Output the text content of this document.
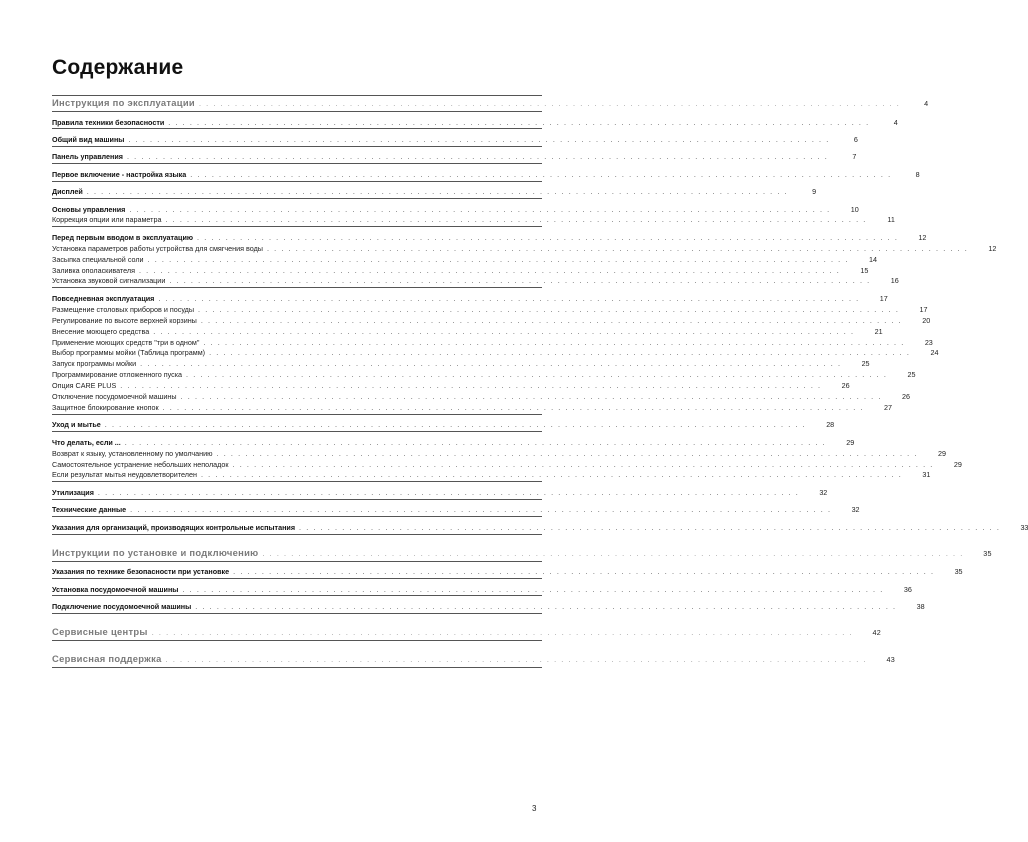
Содержание
Инструкция по эксплуатации . . . . . . . . . . . . . . . . . . . . . . . . . . . . . . . . . . . . . . . . . . . . . . . . . . . . . . . . . . . . . . . . . . . . . . . . . . . . . . . . . . . . . . . . . . . . . . . . . .	4
Правила техники безопасности . . . . . . . . . . . . . . . . . . . . . . . . . . . . . . . . . . . . . . . . . . . . . . . . . . . . . . . . . . . . . . . . . . . . . . . . . . . . . . . . . . . . . . . . . . . . . . . . . .	4
Общий вид машины . . . . . . . . . . . . . . . . . . . . . . . . . . . . . . . . . . . . . . . . . . . . . . . . . . . . . . . . . . . . . . . . . . . . . . . . . . . . . . . . . . . . . . . . . . . . . . . . . .	6
Панель управления . . . . . . . . . . . . . . . . . . . . . . . . . . . . . . . . . . . . . . . . . . . . . . . . . . . . . . . . . . . . . . . . . . . . . . . . . . . . . . . . . . . . . . . . . . . . . . . . . .	7
Первое включение - настройка языка . . . . . . . . . . . . . . . . . . . . . . . . . . . . . . . . . . . . . . . . . . . . . . . . . . . . . . . . . . . . . . . . . . . . . . . . . . . . . . . . . . . . . . . . . . . . . . . . . .	8
Дисплей . . . . . . . . . . . . . . . . . . . . . . . . . . . . . . . . . . . . . . . . . . . . . . . . . . . . . . . . . . . . . . . . . . . . . . . . . . . . . . . . . . . . . . . . . . . . . . . . . .	9
Основы управления . . . . . . . . . . . . . . . . . . . . . . . . . . . . . . . . . . . . . . . . . . . . . . . . . . . . . . . . . . . . . . . . . . . . . . . . . . . . . . . . . . . . . . . . . . . . . . . . . .	10
Коррекция опции или параметра . . . . . . . . . . . . . . . . . . . . . . . . . . . . . . . . . . . . . . . . . . . . . . . . . . . . . . . . . . . . . . . . . . . . . . . . . . . . . . . . . . . . . . . . . . . . . . . . . .	11
Перед первым вводом в эксплуатацию . . . . . . . . . . . . . . . . . . . . . . . . . . . . . . . . . . . . . . . . . . . . . . . . . . . . . . . . . . . . . . . . . . . . . . . . . . . . . . . . . . . . . . . . . . . . . . . . . .	12
Установка параметров работы устройства для смягчения воды . . . . . . . . . . . . . . . . . . . . . . . . . . . . . . . . . . . . . . . . . . . . . . . . . . . . . . . . . . . . . . . . . . . . . . . . . . . . . . . . . . . . . . . . . . . . . . . . . .	12
Засыпка специальной соли . . . . . . . . . . . . . . . . . . . . . . . . . . . . . . . . . . . . . . . . . . . . . . . . . . . . . . . . . . . . . . . . . . . . . . . . . . . . . . . . . . . . . . . . . . . . . . . . . .	14
Заливка ополаскивателя . . . . . . . . . . . . . . . . . . . . . . . . . . . . . . . . . . . . . . . . . . . . . . . . . . . . . . . . . . . . . . . . . . . . . . . . . . . . . . . . . . . . . . . . . . . . . . . . . .	15
Установка звуковой сигнализации . . . . . . . . . . . . . . . . . . . . . . . . . . . . . . . . . . . . . . . . . . . . . . . . . . . . . . . . . . . . . . . . . . . . . . . . . . . . . . . . . . . . . . . . . . . . . . . . . .	16
Повседневная эксплуатация . . . . . . . . . . . . . . . . . . . . . . . . . . . . . . . . . . . . . . . . . . . . . . . . . . . . . . . . . . . . . . . . . . . . . . . . . . . . . . . . . . . . . . . . . . . . . . . . . .	17
Размещение столовых приборов и посуды . . . . . . . . . . . . . . . . . . . . . . . . . . . . . . . . . . . . . . . . . . . . . . . . . . . . . . . . . . . . . . . . . . . . . . . . . . . . . . . . . . . . . . . . . . . . . . . . . .	17
Регулирование по высоте верхней корзины . . . . . . . . . . . . . . . . . . . . . . . . . . . . . . . . . . . . . . . . . . . . . . . . . . . . . . . . . . . . . . . . . . . . . . . . . . . . . . . . . . . . . . . . . . . . . . . . . .	20
Внесение моющего средства . . . . . . . . . . . . . . . . . . . . . . . . . . . . . . . . . . . . . . . . . . . . . . . . . . . . . . . . . . . . . . . . . . . . . . . . . . . . . . . . . . . . . . . . . . . . . . . . . .	21
Применение моющих средств "три в одном" . . . . . . . . . . . . . . . . . . . . . . . . . . . . . . . . . . . . . . . . . . . . . . . . . . . . . . . . . . . . . . . . . . . . . . . . . . . . . . . . . . . . . . . . . . . . . . . . . .	23
Выбор программы мойки (Таблица программ) . . . . . . . . . . . . . . . . . . . . . . . . . . . . . . . . . . . . . . . . . . . . . . . . . . . . . . . . . . . . . . . . . . . . . . . . . . . . . . . . . . . . . . . . . . . . . . . . . .	24
Запуск программы мойки . . . . . . . . . . . . . . . . . . . . . . . . . . . . . . . . . . . . . . . . . . . . . . . . . . . . . . . . . . . . . . . . . . . . . . . . . . . . . . . . . . . . . . . . . . . . . . . . . .	25
Программирование отложенного пуска . . . . . . . . . . . . . . . . . . . . . . . . . . . . . . . . . . . . . . . . . . . . . . . . . . . . . . . . . . . . . . . . . . . . . . . . . . . . . . . . . . . . . . . . . . . . . . . . . .	25
Опция CARE PLUS . . . . . . . . . . . . . . . . . . . . . . . . . . . . . . . . . . . . . . . . . . . . . . . . . . . . . . . . . . . . . . . . . . . . . . . . . . . . . . . . . . . . . . . . . . . . . . . . . .	26
Отключение посудомоечной машины . . . . . . . . . . . . . . . . . . . . . . . . . . . . . . . . . . . . . . . . . . . . . . . . . . . . . . . . . . . . . . . . . . . . . . . . . . . . . . . . . . . . . . . . . . . . . . . . . .	26
Защитное блокирование кнопок . . . . . . . . . . . . . . . . . . . . . . . . . . . . . . . . . . . . . . . . . . . . . . . . . . . . . . . . . . . . . . . . . . . . . . . . . . . . . . . . . . . . . . . . . . . . . . . . . .	27
Уход и мытье . . . . . . . . . . . . . . . . . . . . . . . . . . . . . . . . . . . . . . . . . . . . . . . . . . . . . . . . . . . . . . . . . . . . . . . . . . . . . . . . . . . . . . . . . . . . . . . . . .	28
Что делать, если ... . . . . . . . . . . . . . . . . . . . . . . . . . . . . . . . . . . . . . . . . . . . . . . . . . . . . . . . . . . . . . . . . . . . . . . . . . . . . . . . . . . . . . . . . . . . . . . . . . .	29
Возврат к языку, установленному по умолчанию . . . . . . . . . . . . . . . . . . . . . . . . . . . . . . . . . . . . . . . . . . . . . . . . . . . . . . . . . . . . . . . . . . . . . . . . . . . . . . . . . . . . . . . . . . . . . . . . . .	29
Самостоятельное устранение небольших неполадок . . . . . . . . . . . . . . . . . . . . . . . . . . . . . . . . . . . . . . . . . . . . . . . . . . . . . . . . . . . . . . . . . . . . . . . . . . . . . . . . . . . . . . . . . . . . . . . . . .	29
Если результат мытья неудовлетворителен . . . . . . . . . . . . . . . . . . . . . . . . . . . . . . . . . . . . . . . . . . . . . . . . . . . . . . . . . . . . . . . . . . . . . . . . . . . . . . . . . . . . . . . . . . . . . . . . . .	31
Утилизация . . . . . . . . . . . . . . . . . . . . . . . . . . . . . . . . . . . . . . . . . . . . . . . . . . . . . . . . . . . . . . . . . . . . . . . . . . . . . . . . . . . . . . . . . . . . . . . . . .	32
Технические данные . . . . . . . . . . . . . . . . . . . . . . . . . . . . . . . . . . . . . . . . . . . . . . . . . . . . . . . . . . . . . . . . . . . . . . . . . . . . . . . . . . . . . . . . . . . . . . . . . .	32
Указания для организаций, производящих контрольные испытания . . . . . . . . . . . . . . . . . . . . . . . . . . . . . . . . . . . . . . . . . . . . . . . . . . . . . . . . . . . . . . . . . . . . . . . . . . . . . . . . . . . . . . . . . . . . . . . . . .	33
Инструкции по установке и подключению . . . . . . . . . . . . . . . . . . . . . . . . . . . . . . . . . . . . . . . . . . . . . . . . . . . . . . . . . . . . . . . . . . . . . . . . . . . . . . . . . . . . . . . . . . . . . . . . . .	35
Указания по технике безопасности при установке . . . . . . . . . . . . . . . . . . . . . . . . . . . . . . . . . . . . . . . . . . . . . . . . . . . . . . . . . . . . . . . . . . . . . . . . . . . . . . . . . . . . . . . . . . . . . . . . . .	35
Установка посудомоечной машины . . . . . . . . . . . . . . . . . . . . . . . . . . . . . . . . . . . . . . . . . . . . . . . . . . . . . . . . . . . . . . . . . . . . . . . . . . . . . . . . . . . . . . . . . . . . . . . . . .	36
Подключение посудомоечной машины . . . . . . . . . . . . . . . . . . . . . . . . . . . . . . . . . . . . . . . . . . . . . . . . . . . . . . . . . . . . . . . . . . . . . . . . . . . . . . . . . . . . . . . . . . . . . . . . . .	38
Сервисные центры . . . . . . . . . . . . . . . . . . . . . . . . . . . . . . . . . . . . . . . . . . . . . . . . . . . . . . . . . . . . . . . . . . . . . . . . . . . . . . . . . . . . . . . . . . . . . . . . . .	42
Сервисная поддержка . . . . . . . . . . . . . . . . . . . . . . . . . . . . . . . . . . . . . . . . . . . . . . . . . . . . . . . . . . . . . . . . . . . . . . . . . . . . . . . . . . . . . . . . . . . . . . . . . .	43
3
